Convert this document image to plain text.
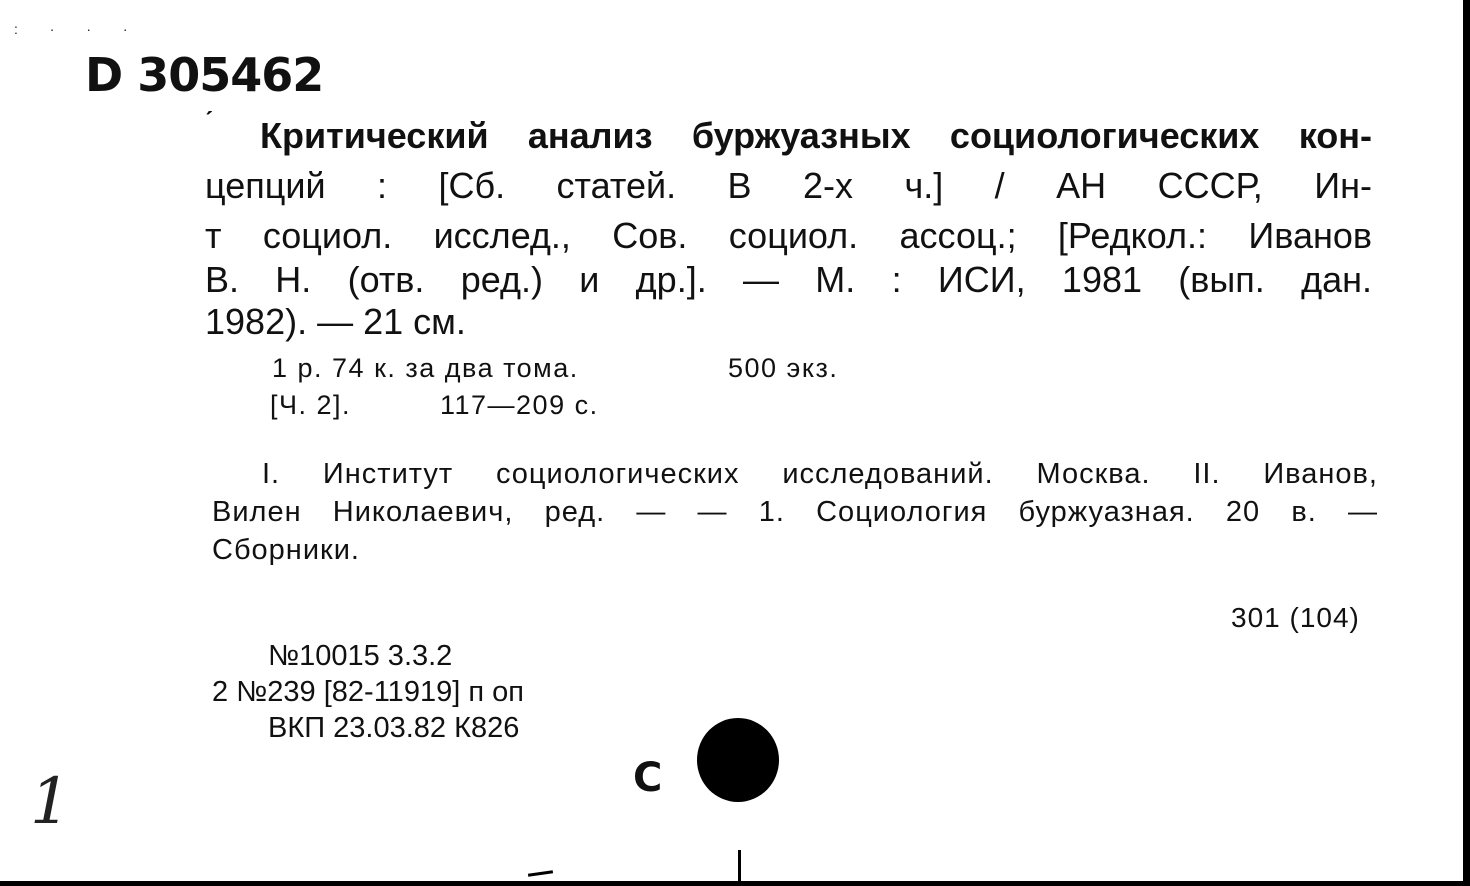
: · · ·
D 305462
ˊ Критический анализ буржуазных социологических кон-
цепций : [Сб. статей. В 2-х ч.] / АН СССР, Ин-
т социол. исслед., Сов. социол. ассоц.; [Редкол.: Иванов
В. Н. (отв. ред.) и др.]. — М. : ИСИ, 1981 (вып. дан.
1982). — 21 см.
1 р. 74 к. за два тома.	500 экз.
[Ч. 2].	117—209 с.
I. Институт социологических исследований. Москва. II. Иванов,
Вилен Николаевич, ред. — — 1. Социология буржуазная. 20 в. —
Сборники.
301 (104)
№10015 3.3.2
2 №239 [82-11919] п оп
ВКП 23.03.82 К826
С
1
